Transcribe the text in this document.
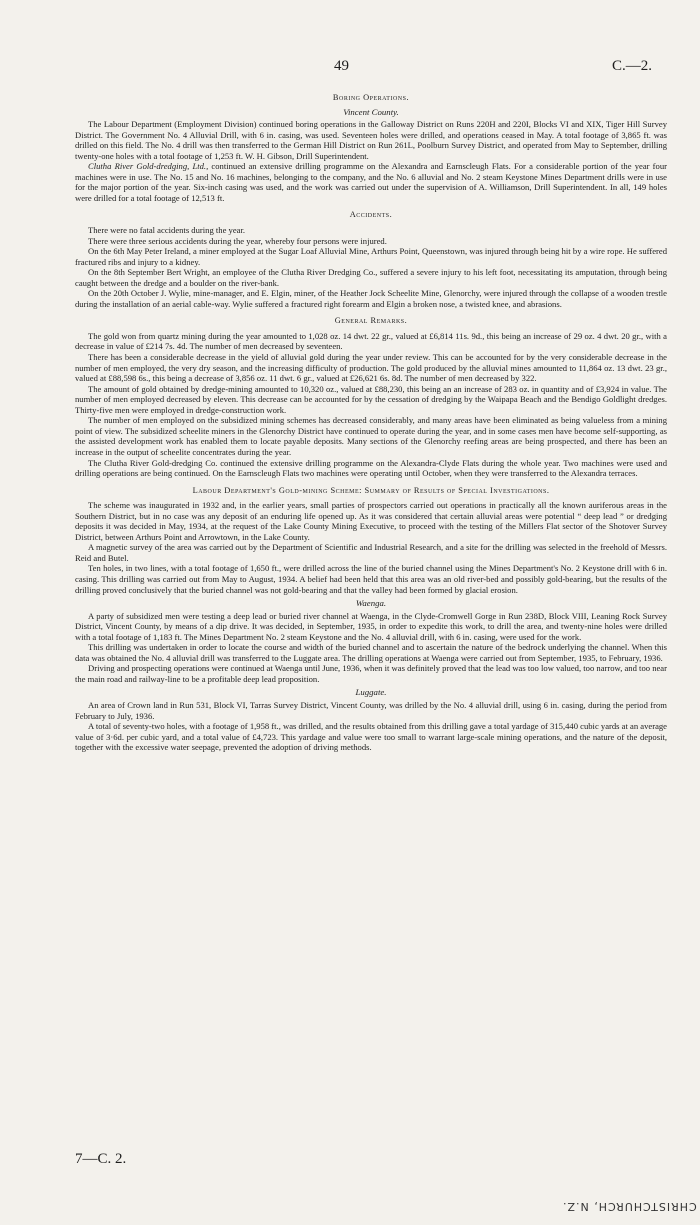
49	C.—2.
Boring Operations.
Vincent County.

The Labour Department (Employment Division) continued boring operations in the Galloway District on Runs 220H and 220I, Blocks VI and XIX, Tiger Hill Survey District. The Government No. 4 Alluvial Drill, with 6 in. casing, was used. Seventeen holes were drilled, and operations ceased in May. A total footage of 3,865 ft. was drilled on this field. The No. 4 drill was then transferred to the German Hill District on Run 261L, Poolburn Survey District, and operated from May to September, drilling twenty-one holes with a total footage of 1,253 ft. W. H. Gibson, Drill Superintendent.

Clutha River Gold-dredging, Ltd., continued an extensive drilling programme on the Alexandra and Earnscleugh Flats. For a considerable portion of the year four machines were in use. The No. 15 and No. 16 machines, belonging to the company, and the No. 6 alluvial and No. 2 steam Keystone Mines Department drills were in use for the major portion of the year. Six-inch casing was used, and the work was carried out under the supervision of A. Williamson, Drill Superintendent. In all, 149 holes were drilled for a total footage of 12,513 ft.

Accidents.

There were no fatal accidents during the year.

There were three serious accidents during the year, whereby four persons were injured.

On the 6th May Peter Ireland, a miner employed at the Sugar Loaf Alluvial Mine, Arthurs Point, Queenstown, was injured through being hit by a wire rope. He suffered fractured ribs and injury to a kidney.

On the 8th September Bert Wright, an employee of the Clutha River Dredging Co., suffered a severe injury to his left foot, necessitating its amputation, through being caught between the dredge and a boulder on the river-bank.

On the 20th October J. Wylie, mine-manager, and E. Elgin, miner, of the Heather Jock Scheelite Mine, Glenorchy, were injured through the collapse of a wooden trestle during the installation of an aerial cable-way. Wylie suffered a fractured right forearm and Elgin a broken nose, a twisted knee, and abrasions.

General Remarks.

The gold won from quartz mining during the year amounted to 1,028 oz. 14 dwt. 22 gr., valued at £6,814 11s. 9d., this being an increase of 29 oz. 4 dwt. 20 gr., with a decrease in value of £214 7s. 4d. The number of men decreased by seventeen.

There has been a considerable decrease in the yield of alluvial gold during the year under review. This can be accounted for by the very considerable decrease in the number of men employed, the very dry season, and the increasing difficulty of production. The gold produced by the alluvial mines amounted to 11,864 oz. 13 dwt. 23 gr., valued at £88,598 6s., this being a decrease of 3,856 oz. 11 dwt. 6 gr., valued at £26,621 6s. 8d. The number of men decreased by 322.

The amount of gold obtained by dredge-mining amounted to 10,320 oz., valued at £88,230, this being an an increase of 283 oz. in quantity and of £3,924 in value. The number of men employed decreased by eleven. This decrease can be accounted for by the cessation of dredging by the Waipapa Beach and the Bendigo Goldlight dredges. Thirty-five men were employed in dredge-construction work.

The number of men employed on the subsidized mining schemes has decreased considerably, and many areas have been eliminated as being valueless from a mining point of view. The subsidized scheelite miners in the Glenorchy District have continued to operate during the year, and in some cases men have become self-supporting, as the assisted development work has enabled them to locate payable deposits. Many sections of the Glenorchy reefing areas are being prospected, and there has been an increase in the output of scheelite concentrates during the year.

The Clutha River Gold-dredging Co. continued the extensive drilling programme on the Alexandra-Clyde Flats during the whole year. Two machines were used and drilling operations are being continued. On the Earnscleugh Flats two machines were operating until October, when they were transferred to the Alexandra terraces.

Labour Department's Gold-mining Scheme: Summary of Results of Special Investigations.

The scheme was inaugurated in 1932 and, in the earlier years, small parties of prospectors carried out operations in practically all the known auriferous areas in the Southern District, but in no case was any deposit of an enduring life opened up. As it was considered that certain alluvial areas were potential “ deep lead ” or dredging deposits it was decided in May, 1934, at the request of the Lake County Mining Executive, to proceed with the testing of the Millers Flat sector of the Shotover Survey District, between Arthurs Point and Arrowtown, in the Lake County.

A magnetic survey of the area was carried out by the Department of Scientific and Industrial Research, and a site for the drilling was selected in the freehold of Messrs. Reid and Butel.

Ten holes, in two lines, with a total footage of 1,650 ft., were drilled across the line of the buried channel using the Mines Department's No. 2 Keystone drill with 6 in. casing. This drilling was carried out from May to August, 1934. A belief had been held that this area was an old river-bed and possibly gold-bearing, but the results of the drilling proved conclusively that the buried channel was not gold-bearing and that the valley had been formed by glacial erosion.

Waenga.

A party of subsidized men were testing a deep lead or buried river channel at Waenga, in the Clyde-Cromwell Gorge in Run 238D, Block VIII, Leaning Rock Survey District, Vincent County, by means of a dip drive. It was decided, in September, 1935, in order to expedite this work, to drill the area, and twenty-nine holes were drilled with a total footage of 1,183 ft. The Mines Department No. 2 steam Keystone and the No. 4 alluvial drill, with 6 in. casing, were used for the work.

This drilling was undertaken in order to locate the course and width of the buried channel and to ascertain the nature of the bedrock underlying the channel. When this data was obtained the No. 4 alluvial drill was transferred to the Luggate area. The drilling operations at Waenga were carried out from September, 1935, to February, 1936.

Driving and prospecting operations were continued at Waenga until June, 1936, when it was definitely proved that the lead was too low valued, too narrow, and too near the main road and railway-line to be a profitable deep lead proposition.

Luggate.

An area of Crown land in Run 531, Block VI, Tarras Survey District, Vincent County, was drilled by the No. 4 alluvial drill, using 6 in. casing, during the period from February to July, 1936.

A total of seventy-two holes, with a footage of 1,958 ft., was drilled, and the results obtained from this drilling gave a total yardage of 315,440 cubic yards at an average value of 3·6d. per cubic yard, and a total value of £4,723. This yardage and value were too small to warrant large-scale mining operations, and the nature of the deposit, together with the excessive water seepage, prevented the adoption of driving methods.

7—C. 2.
CHRISTCHURCH, N.Z.
